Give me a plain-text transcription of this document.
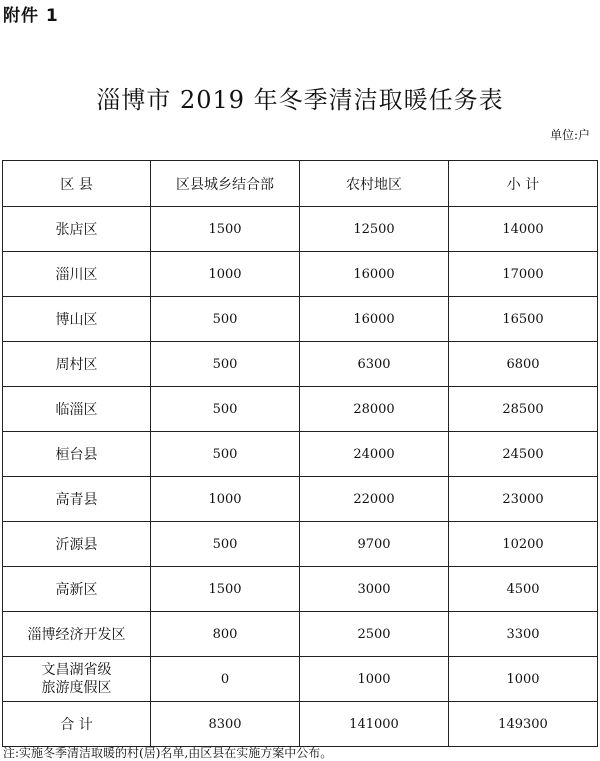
附件 1
淄博市 2019 年冬季清洁取暖任务表
单位:户
区 县	区县城乡结合部	农村地区	小 计
张店区	1500	12500	14000
淄川区	1000	16000	17000
博山区	500	16000	16500
周村区	500	6300	6800
临淄区	500	28000	28500
桓台县	500	24000	24500
高青县	1000	22000	23000
沂源县	500	9700	10200
高新区	1500	3000	4500
淄博经济开发区	800	2500	3300

文昌湖省级
旅游度假区	0	1000	1000
合 计	8300	141000	149300
注:实施冬季清洁取暖的村(居)名单,由区县在实施方案中公布。
